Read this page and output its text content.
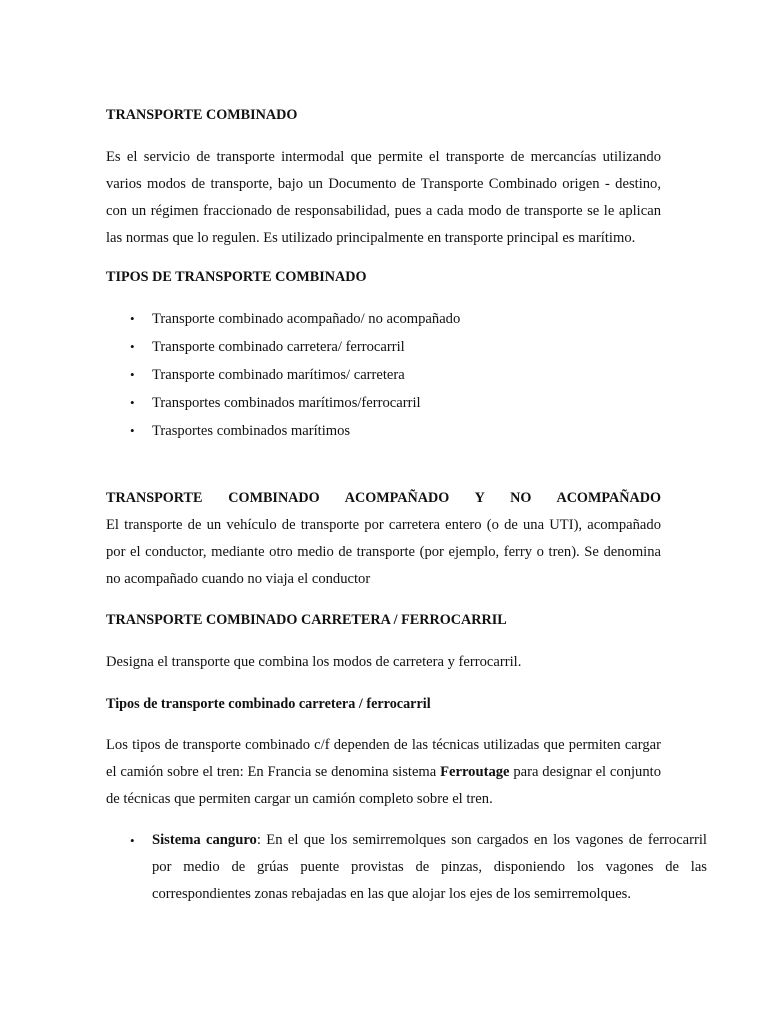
TRANSPORTE COMBINADO

Es el servicio de transporte intermodal que permite el transporte de mercancías utilizando varios modos de transporte, bajo un Documento de Transporte Combinado origen - destino, con un régimen fraccionado de responsabilidad, pues a cada modo de transporte se le aplican las normas que lo regulen. Es utilizado principalmente en transporte principal es marítimo.

TIPOS DE TRANSPORTE COMBINADO

• Transporte combinado acompañado/ no acompañado
• Transporte combinado carretera/ ferrocarril
• Transporte combinado marítimos/ carretera
• Transportes combinados marítimos/ferrocarril
• Trasportes combinados marítimos

TRANSPORTE COMBINADO ACOMPAÑADO Y NO ACOMPAÑADO

El transporte de un vehículo de transporte por carretera entero (o de una UTI), acompañado por el conductor, mediante otro medio de transporte (por ejemplo, ferry o tren). Se denomina no acompañado cuando no viaja el conductor

TRANSPORTE COMBINADO CARRETERA / FERROCARRIL

Designa el transporte que combina los modos de carretera y ferrocarril.

Tipos de transporte combinado carretera / ferrocarril

Los tipos de transporte combinado c/f dependen de las técnicas utilizadas que permiten cargar el camión sobre el tren: En Francia se denomina sistema Ferroutage para designar el conjunto de técnicas que permiten cargar un camión completo sobre el tren.

• Sistema canguro: En el que los semirremolques son cargados en los vagones de ferrocarril por medio de grúas puente provistas de pinzas, disponiendo los vagones de las correspondientes zonas rebajadas en las que alojar los ejes de los semirremolques.
